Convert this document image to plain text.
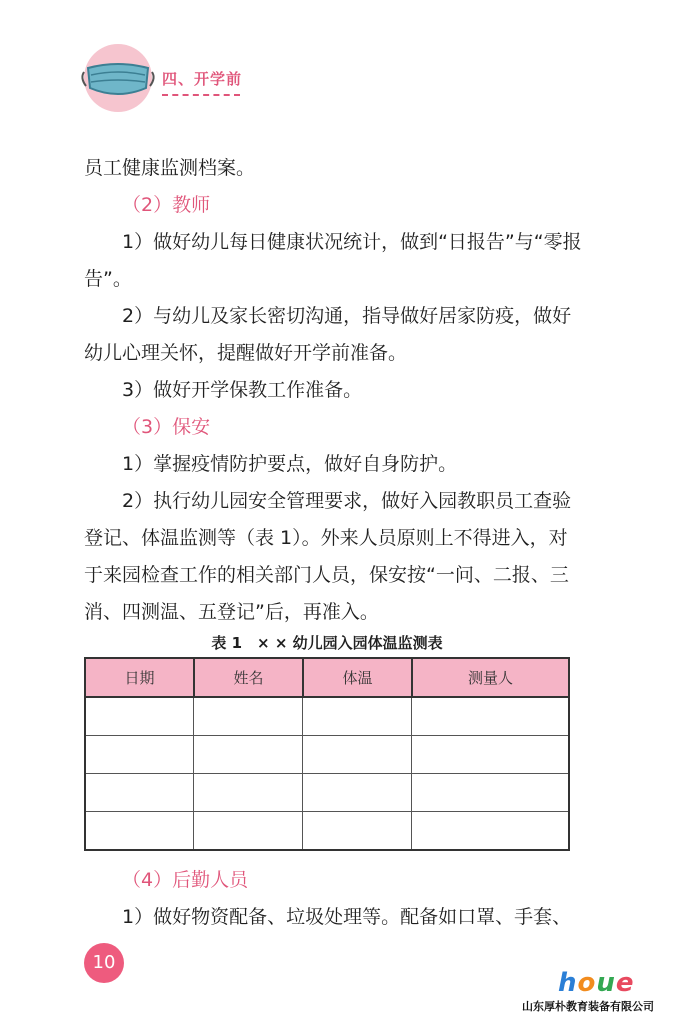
四、开学前

员工健康监测档案。

（2）教师

1）做好幼儿每日健康状况统计，做到“日报告”与“零报告”。

2）与幼儿及家长密切沟通，指导做好居家防疫，做好幼儿心理关怀，提醒做好开学前准备。

3）做好开学保教工作准备。

（3）保安

1）掌握疫情防护要点，做好自身防护。

2）执行幼儿园安全管理要求，做好入园教职员工查验登记、体温监测等（表 1）。外来人员原则上不得进入，对于来园检查工作的相关部门人员，保安按“一问、二报、三消、四测温、五登记”后，再准入。

表 1　× × 幼儿园入园体温监测表
日期	姓名	体温	测量人

（4）后勤人员

1）做好物资配备、垃圾处理等。配备如口罩、手套、

10
houe
山东厚朴教育装备有限公司
